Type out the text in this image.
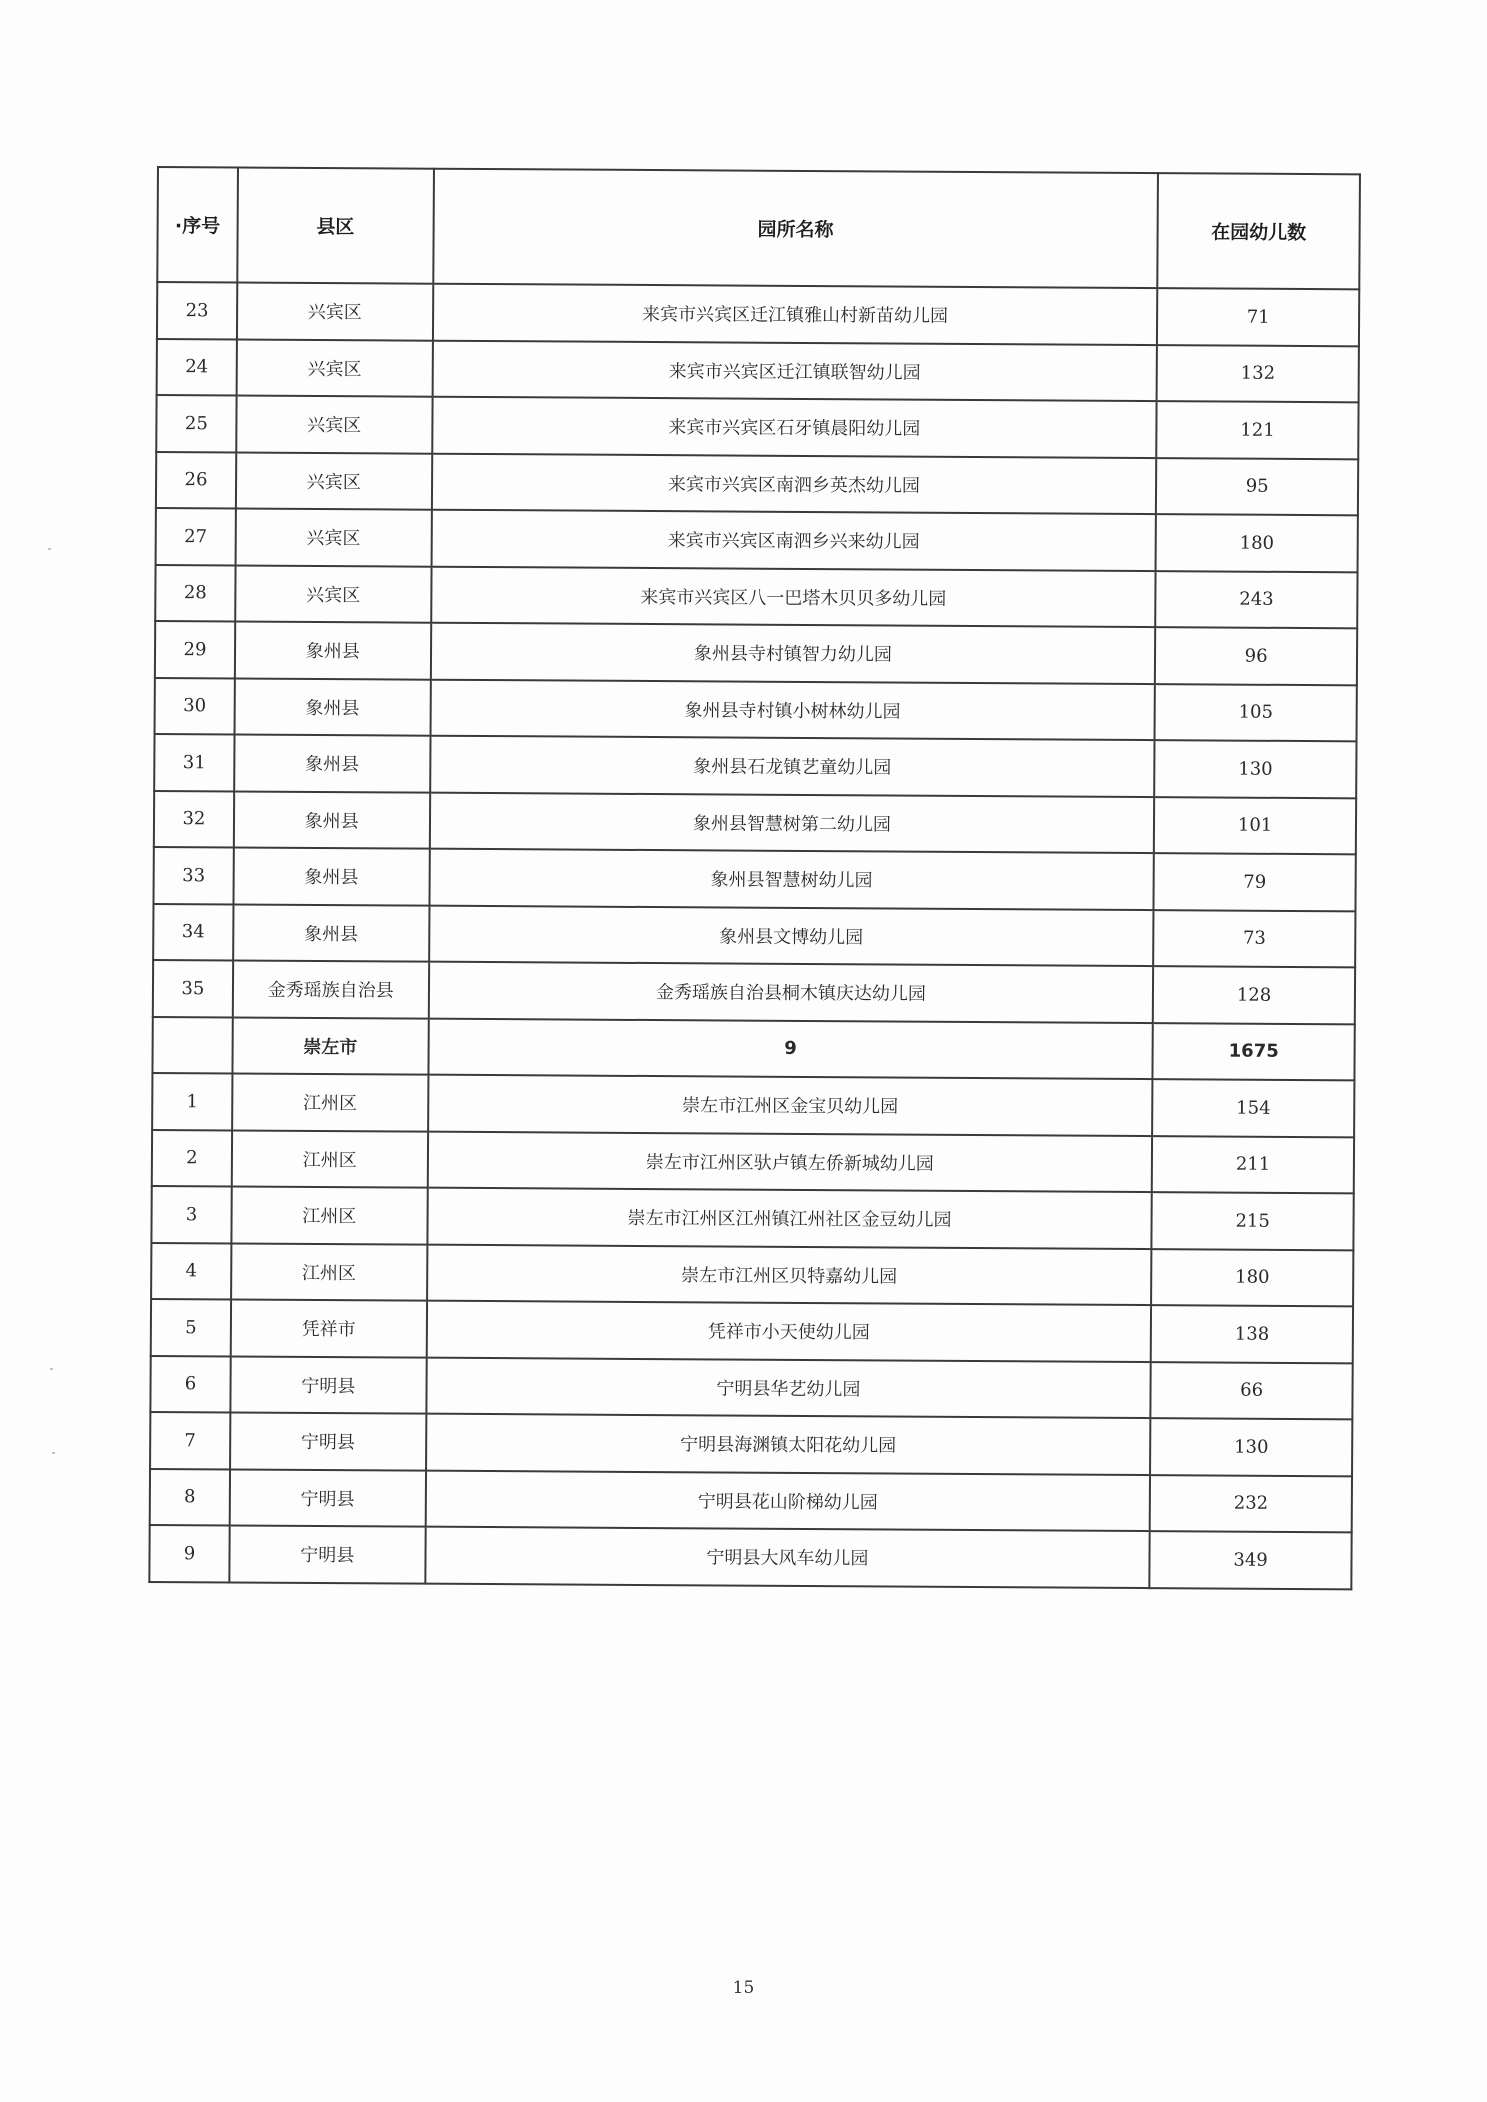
·序号	县区	园所名称	在园幼儿数
23	兴宾区	来宾市兴宾区迁江镇雅山村新苗幼儿园	71
24	兴宾区	来宾市兴宾区迁江镇联智幼儿园	132
25	兴宾区	来宾市兴宾区石牙镇晨阳幼儿园	121
26	兴宾区	来宾市兴宾区南泗乡英杰幼儿园	95
27	兴宾区	来宾市兴宾区南泗乡兴来幼儿园	180
28	兴宾区	来宾市兴宾区八一巴塔木贝贝多幼儿园	243
29	象州县	象州县寺村镇智力幼儿园	96
30	象州县	象州县寺村镇小树林幼儿园	105
31	象州县	象州县石龙镇艺童幼儿园	130
32	象州县	象州县智慧树第二幼儿园	101
33	象州县	象州县智慧树幼儿园	79
34	象州县	象州县文博幼儿园	73
35	金秀瑶族自治县	金秀瑶族自治县桐木镇庆达幼儿园	128
	崇左市	9	1675
1	江州区	崇左市江州区金宝贝幼儿园	154
2	江州区	崇左市江州区驮卢镇左侨新城幼儿园	211
3	江州区	崇左市江州区江州镇江州社区金豆幼儿园	215
4	江州区	崇左市江州区贝特嘉幼儿园	180
5	凭祥市	凭祥市小天使幼儿园	138
6	宁明县	宁明县华艺幼儿园	66
7	宁明县	宁明县海渊镇太阳花幼儿园	130
8	宁明县	宁明县花山阶梯幼儿园	232
9	宁明县	宁明县大风车幼儿园	349
15
